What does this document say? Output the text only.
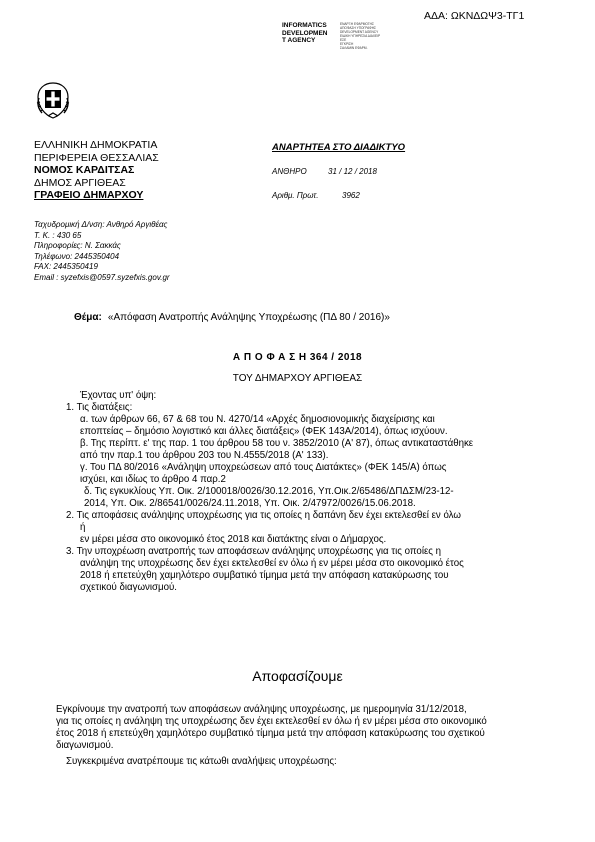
ΑΔΑ: ΩΚΝΔΩΨ3-ΤΓ1
INFORMATICS
DEVELOPMEN
T AGENCY
ΕΝΑΡΞΗ ΕΦΑΡΜΟΓΗΣ
ΑΠΟΦΑΣΗ ΥΠΟΓΡΑΦΗΣ
DEVELOPMENT AGENCY
ΕΙΔΙΚΗ ΥΠΗΡΕΣΙΑ ΔΙΑΧΕΙΡ
ΕΣΕ
ΕΓΚΡΙΣΗ
ΣΑΛΑΜΙΝ ΕΦΑΡΜ.
ΕΛΛΗΝΙΚΗ ΔΗΜΟΚΡΑΤΙΑ
ΠΕΡΙΦΕΡΕΙΑ ΘΕΣΣΑΛΙΑΣ
ΝΟΜΟΣ ΚΑΡΔΙΤΣΑΣ
ΔΗΜΟΣ ΑΡΓΙΘΕΑΣ
ΓΡΑΦΕΙΟ ΔΗΜΑΡΧΟΥ
ΑΝΑΡΤΗΤΕΑ ΣΤΟ ΔΙΑΔΙΚΤΥΟ
ΑΝΘΗΡΟ	31 / 12 / 2018
Αριθμ. Πρωτ.	3962
Ταχυδρομική Δ/νση: Ανθηρό Αργιθέας
Τ. Κ. : 430 65
Πληροφορίες: Ν. Σακκάς
Τηλέφωνο: 2445350404
FAX: 2445350419
Email : syzefxis@0597.syzefxis.gov.gr
Θέμα: «Απόφαση Ανατροπής Ανάληψης Υποχρέωσης (ΠΔ 80 / 2016)»
Α Π Ο Φ Α Σ Η 364 / 2018
ΤΟΥ ΔΗΜΑΡΧΟΥ ΑΡΓΙΘΕΑΣ
Έχοντας υπ' όψη:
1. Τις διατάξεις:
α. των άρθρων 66, 67 & 68 του Ν. 4270/14 «Αρχές δημοσιονομικής διαχείρισης και
εποπτείας – δημόσιο λογιστικό και άλλες διατάξεις» (ΦΕΚ 143Α/2014), όπως ισχύουν.
β. Της περίπτ. ε' της παρ. 1 του άρθρου 58 του ν. 3852/2010 (Α' 87), όπως αντικαταστάθηκε
από την παρ.1 του άρθρου 203 του Ν.4555/2018 (Α' 133).
γ. Του ΠΔ 80/2016 «Ανάληψη υποχρεώσεων από τους Διατάκτες» (ΦΕΚ 145/Α) όπως
ισχύει, και ιδίως το άρθρο 4 παρ.2
δ. Τις εγκυκλίους Υπ. Οικ. 2/100018/0026/30.12.2016, Υπ.Οικ.2/65486/ΔΠΔΣΜ/23-12-
2014, Υπ. Οικ. 2/86541/0026/24.11.2018, Υπ. Οικ. 2/47972/0026/15.06.2018.
2. Τις αποφάσεις ανάληψης υποχρέωσης για τις οποίες η δαπάνη δεν έχει εκτελεσθεί εν όλω
ή
εν μέρει μέσα στο οικονομικό έτος 2018 και διατάκτης είναι ο Δήμαρχος.
3. Την υποχρέωση ανατροπής των αποφάσεων ανάληψης υποχρέωσης για τις οποίες η
ανάληψη της υποχρέωσης δεν έχει εκτελεσθεί εν όλω ή εν μέρει μέσα στο οικονομικό έτος
2018 ή επετεύχθη χαμηλότερο συμβατικό τίμημα μετά την απόφαση κατακύρωσης του
σχετικού διαγωνισμού.
Αποφασίζουμε
Εγκρίνουμε την ανατροπή των αποφάσεων ανάληψης υποχρέωσης, με ημερομηνία 31/12/2018,
για τις οποίες η ανάληψη της υποχρέωσης δεν έχει εκτελεσθεί εν όλω ή εν μέρει μέσα στο οικονομικό
έτος 2018 ή επετεύχθη χαμηλότερο συμβατικό τίμημα μετά την απόφαση κατακύρωσης του σχετικού
διαγωνισμού.
Συγκεκριμένα ανατρέπουμε τις κάτωθι αναλήψεις υποχρέωσης:
